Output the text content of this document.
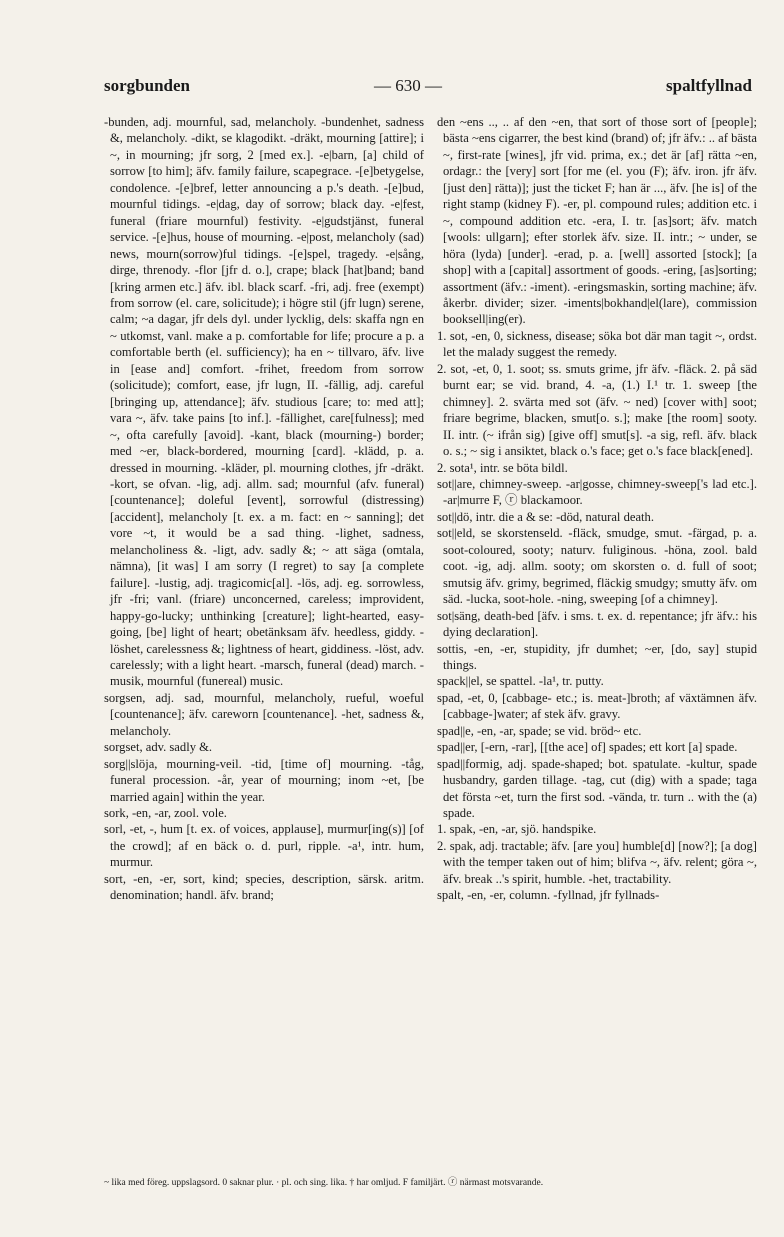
sorgbunden	— 630 —	spaltfyllnad

-bunden, adj. mournful, sad, melancholy. -bundenhet, sadness &, melancholy. -dikt, se klagodikt. -dräkt, mourning [attire]; i ~, in mourning; jfr sorg, 2 [med ex.]. -e|barn, [a] child of sorrow [to him]; äfv. family failure, scapegrace. -[e]betygelse, condolence. -[e]bref, letter announcing a p.'s death. -[e]bud, mournful tidings. -e|dag, day of sorrow; black day. -e|fest, funeral (friare mournful) festivity. -e|gudstjänst, funeral service. -[e]hus, house of mourning. -e|post, melancholy (sad) news, mourn(sorrow)ful tidings. -[e]spel, tragedy. -e|sång, dirge, threnody. -flor [jfr d. o.], crape; black [hat]band; band [kring armen etc.] äfv. ibl. black scarf. -fri, adj. free (exempt) from sorrow (el. care, solicitude); i högre stil (jfr lugn) serene, calm; ~a dagar, jfr dels dyl. under lycklig, dels: skaffa ngn en ~ utkomst, vanl. make a p. comfortable for life; procure a p. a comfortable berth (el. sufficiency); ha en ~ tillvaro, äfv. live in [ease and] comfort. -frihet, freedom from sorrow (solicitude); comfort, ease, jfr lugn, II. -fällig, adj. careful [bringing up, attendance]; äfv. studious [care; to: med att]; vara ~, äfv. take pains [to inf.]. -fällighet, care[fulness]; med ~, ofta carefully [avoid]. -kant, black (mourning-) border; med ~er, black-bordered, mourning [card]. -klädd, p. a. dressed in mourning. -kläder, pl. mourning clothes, jfr -dräkt. -kort, se ofvan. -lig, adj. allm. sad; mournful (afv. funeral) [countenance]; doleful [event], sorrowful (distressing) [accident], melancholy [t. ex. a m. fact: en ~ sanning]; det vore ~t, it would be a sad thing. -lighet, sadness, melancholiness &. -ligt, adv. sadly &; ~ att säga (omtala, nämna), [it was] I am sorry (I regret) to say [a complete failure]. -lustig, adj. tragicomic[al]. -lös, adj. eg. sorrowless, jfr -fri; vanl. (friare) unconcerned, careless; improvident, happy-go-lucky; unthinking [creature]; light-hearted, easy-going, [be] light of heart; obetänksam äfv. heedless, giddy. -löshet, carelessness &; lightness of heart, giddiness. -löst, adv. carelessly; with a light heart. -marsch, funeral (dead) march. -musik, mournful (funereal) music.

sorgsen, adj. sad, mournful, melancholy, rueful, woeful [countenance]; äfv. careworn [countenance]. -het, sadness &, melancholy.

sorgset, adv. sadly &.

sorg||slöja, mourning-veil. -tid, [time of] mourning. -tåg, funeral procession. -år, year of mourning; inom ~et, [be married again] within the year.

sork, -en, -ar, zool. vole.

sorl, -et, -, hum [t. ex. of voices, applause], murmur[ing(s)] [of the crowd]; af en bäck o. d. purl, ripple. -a¹, intr. hum, murmur.

sort, -en, -er, sort, kind; species, description, särsk. aritm. denomination; handl. äfv. brand;

den ~ens .., .. af den ~en, that sort of those sort of [people]; bästa ~ens cigarrer, the best kind (brand) of; jfr äfv.: .. af bästa ~, first-rate [wines], jfr vid. prima, ex.; det är [af] rätta ~en, ordagr.: the [very] sort [for me (el. you (F); äfv. iron. jfr äfv. [just den] rätta)]; just the ticket F; han är ..., äfv. [he is] of the right stamp (kidney F). -er, pl. compound rules; addition etc. i ~, compound addition etc. -era, I. tr. [as]sort; äfv. match [wools: ullgarn]; efter storlek äfv. size. II. intr.; ~ under, se höra (lyda) [under]. -erad, p. a. [well] assorted [stock]; [a shop] with a [capital] assortment of goods. -ering, [as]sorting; assortment (äfv.: -iment). -eringsmaskin, sorting machine; äfv. åkerbr. divider; sizer. -iments|bokhand|el(lare), commission booksell|ing(er).

1. sot, -en, 0, sickness, disease; söka bot där man tagit ~, ordst. let the malady suggest the remedy.

2. sot, -et, 0, 1. soot; ss. smuts grime, jfr äfv. -fläck. 2. på säd burnt ear; se vid. brand, 4. -a, (1.) I.¹ tr. 1. sweep [the chimney]. 2. svärta med sot (äfv. ~ ned) [cover with] soot; friare begrime, blacken, smut[o. s.]; make [the room] sooty. II. intr. (~ ifrån sig) [give off] smut[s]. -a sig, refl. äfv. black o. s.; ~ sig i ansiktet, black o.'s face; get o.'s face black[ened].

2. sota¹, intr. se böta bildl.

sot||are, chimney-sweep. -ar|gosse, chimney-sweep['s lad etc.]. -ar|murre F, ⓡ blackamoor.

sot||dö, intr. die a & se: -död, natural death.

sot||eld, se skorstenseld. -fläck, smudge, smut. -färgad, p. a. soot-coloured, sooty; naturv. fuliginous. -höna, zool. bald coot. -ig, adj. allm. sooty; om skorsten o. d. full of soot; smutsig äfv. grimy, begrimed, fläckig smudgy; smutty äfv. om säd. -lucka, soot-hole. -ning, sweeping [of a chimney].

sot|säng, death-bed [äfv. i sms. t. ex. d. repentance; jfr äfv.: his dying declaration].

sottis, -en, -er, stupidity, jfr dumhet; ~er, [do, say] stupid things.

spack||el, se spattel. -la¹, tr. putty.

spad, -et, 0, [cabbage- etc.; is. meat-]broth; af växtämnen äfv. [cabbage-]water; af stek äfv. gravy.

spad||e, -en, -ar, spade; se vid. bröd~ etc.

spad||er, [-ern, -rar], [[the ace] of] spades; ett kort [a] spade.

spad||formig, adj. spade-shaped; bot. spatulate. -kultur, spade husbandry, garden tillage. -tag, cut (dig) with a spade; taga det första ~et, turn the first sod. -vända, tr. turn .. with the (a) spade.

1. spak, -en, -ar, sjö. handspike.

2. spak, adj. tractable; äfv. [are you] humble[d] [now?]; [a dog] with the temper taken out of him; blifva ~, äfv. relent; göra ~, äfv. break ..'s spirit, humble. -het, tractability.

spalt, -en, -er, column. -fyllnad, jfr fyllnads-

~ lika med föreg. uppslagsord. 0 saknar plur. · pl. och sing. lika. † har omljud. F familjärt. ⓡ närmast motsvarande.
